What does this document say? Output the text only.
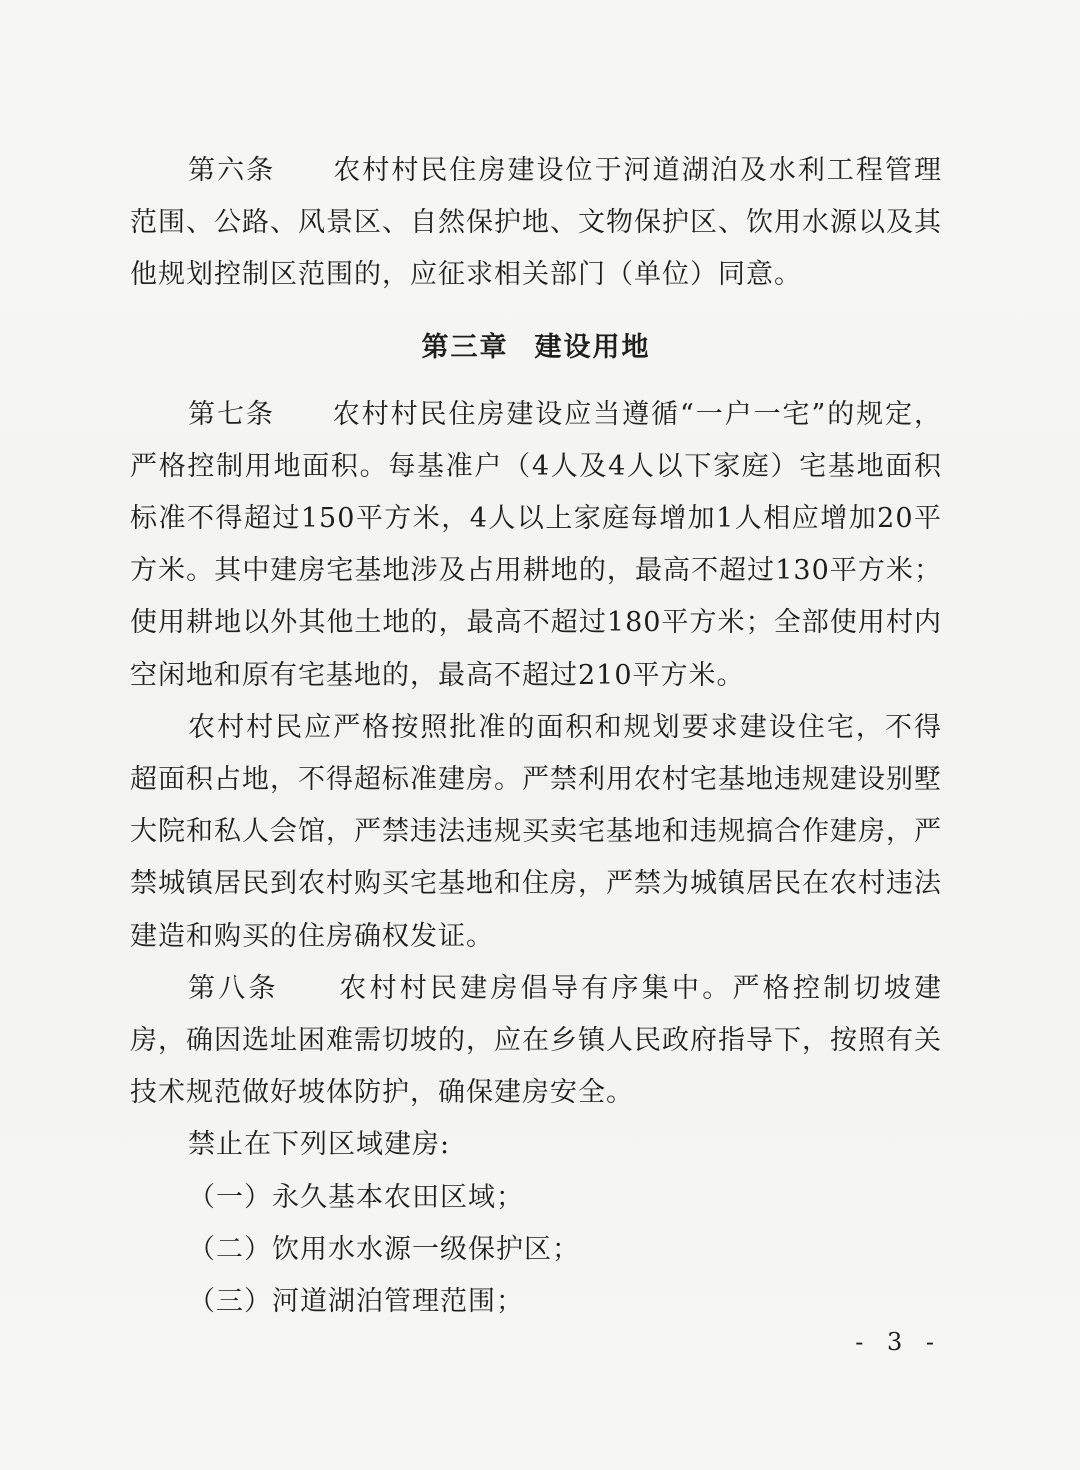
第六条　　 农村村民住房建设位于河道湖泊及水利工程管理范围、公路、风景区、自然保护地、文物保护区、饮用水源以及其他规划控制区范围的，应征求相关部门（单位）同意。

第三章 建设用地

第七条　　 农村村民住房建设应当遵循“一户一宅”的规定，严格控制用地面积。每基准户（4人及4人以下家庭）宅基地面积标准不得超过150平方米，4人以上家庭每增加1人相应增加20平方米。其中建房宅基地涉及占用耕地的，最高不超过130平方米；使用耕地以外其他土地的，最高不超过180平方米；全部使用村内空闲地和原有宅基地的，最高不超过210平方米。

农村村民应严格按照批准的面积和规划要求建设住宅，不得超面积占地，不得超标准建房。严禁利用农村宅基地违规建设别墅大院和私人会馆，严禁违法违规买卖宅基地和违规搞合作建房，严禁城镇居民到农村购买宅基地和住房，严禁为城镇居民在农村违法建造和购买的住房确权发证。

第八条　　 农村村民建房倡导有序集中。严格控制切坡建房，确因选址困难需切坡的，应在乡镇人民政府指导下，按照有关技术规范做好坡体防护，确保建房安全。

禁止在下列区域建房:

（一）永久基本农田区域；

（二）饮用水水源一级保护区；

（三）河道湖泊管理范围；

- 3 -
